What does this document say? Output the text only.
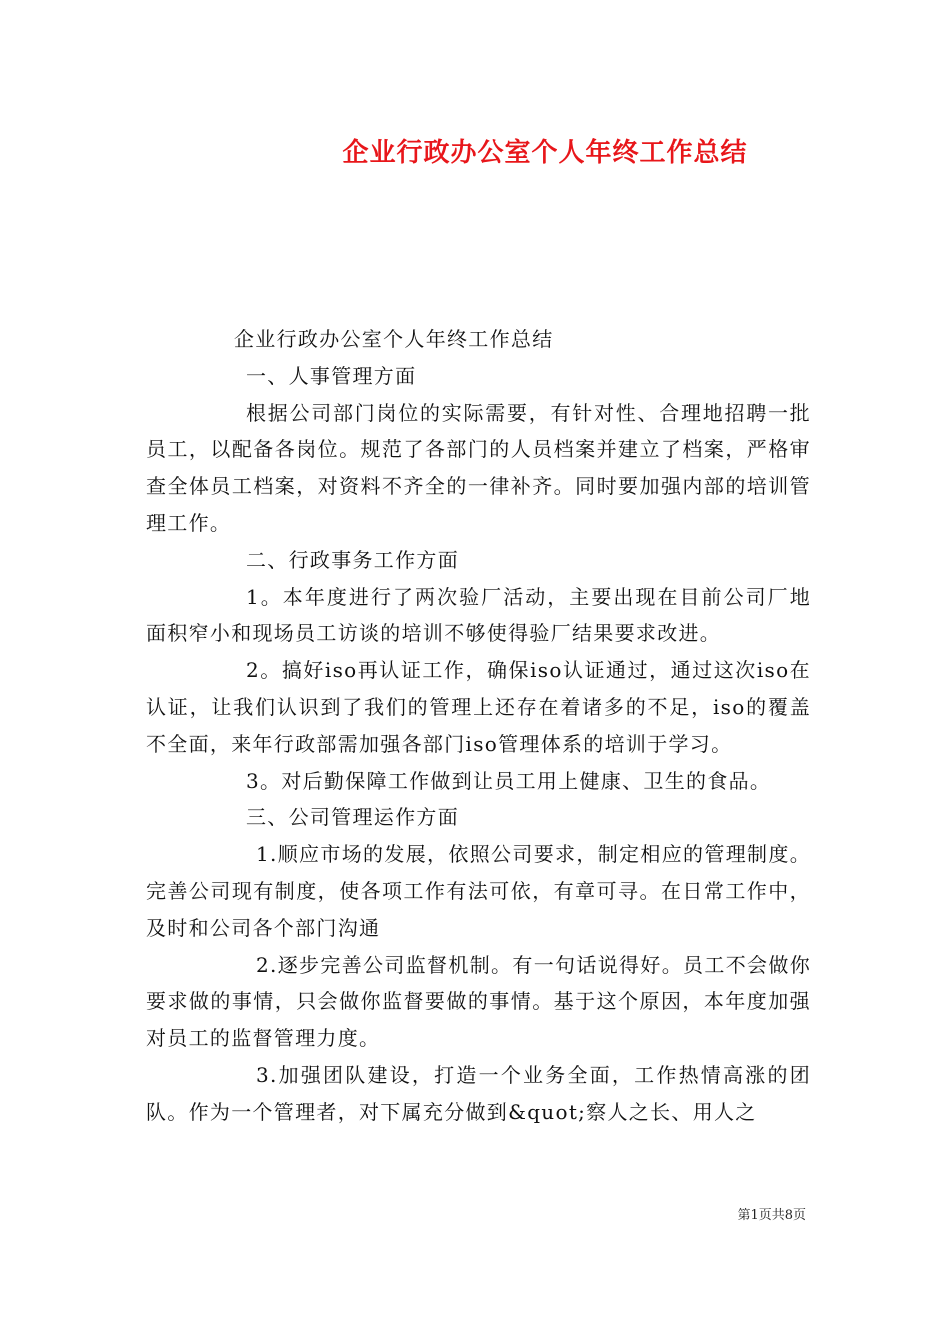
企业行政办公室个人年终工作总结

企业行政办公室个人年终工作总结

一、人事管理方面

根据公司部门岗位的实际需要，有针对性、合理地招聘一批员工，以配备各岗位。规范了各部门的人员档案并建立了档案，严格审查全体员工档案，对资料不齐全的一律补齐。同时要加强内部的培训管理工作。

二、行政事务工作方面

1。本年度进行了两次验厂活动，主要出现在目前公司厂地面积窄小和现场员工访谈的培训不够使得验厂结果要求改进。

2。搞好iso再认证工作，确保iso认证通过，通过这次iso在认证，让我们认识到了我们的管理上还存在着诸多的不足，iso的覆盖不全面，来年行政部需加强各部门iso管理体系的培训于学习。

3。对后勤保障工作做到让员工用上健康、卫生的食品。

三、公司管理运作方面

1.顺应市场的发展，依照公司要求，制定相应的管理制度。完善公司现有制度，使各项工作有法可依，有章可寻。在日常工作中，及时和公司各个部门沟通

2.逐步完善公司监督机制。有一句话说得好。员工不会做你要求做的事情，只会做你监督要做的事情。基于这个原因，本年度加强对员工的监督管理力度。

3.加强团队建设，打造一个业务全面，工作热情高涨的团队。作为一个管理者，对下属充分做到&quot;察人之长、用人之

第1页共8页
